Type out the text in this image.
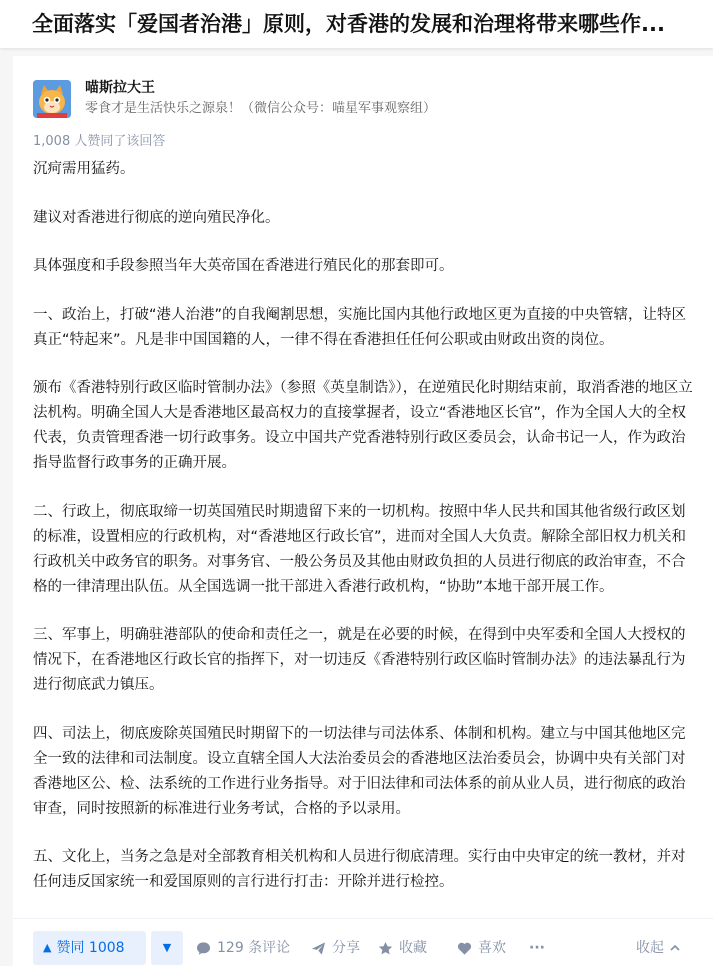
全面落实「爱国者治港」原则，对香港的发展和治理将带来哪些作...
喵斯拉大王
零食才是生活快乐之源泉！（微信公众号：喵星军事观察组）
1,008 人赞同了该回答

沉疴需用猛药。

建议对香港进行彻底的逆向殖民净化。

具体强度和手段参照当年大英帝国在香港进行殖民化的那套即可。

一、政治上，打破“港人治港”的自我阉割思想，实施比国内其他行政地区更为直接的中央管辖，让特区真正“特起来”。凡是非中国国籍的人，一律不得在香港担任任何公职或由财政出资的岗位。

颁布《香港特别行政区临时管制办法》（参照《英皇制诰》），在逆殖民化时期结束前，取消香港的地区立法机构。明确全国人大是香港地区最高权力的直接掌握者，设立“香港地区长官”，作为全国人大的全权代表，负责管理香港一切行政事务。设立中国共产党香港特别行政区委员会，认命书记一人，作为政治指导监督行政事务的正确开展。

二、行政上，彻底取缔一切英国殖民时期遗留下来的一切机构。按照中华人民共和国其他省级行政区划的标准，设置相应的行政机构，对“香港地区行政长官”，进而对全国人大负责。解除全部旧权力机关和行政机关中政务官的职务。对事务官、一般公务员及其他由财政负担的人员进行彻底的政治审查，不合格的一律清理出队伍。从全国选调一批干部进入香港行政机构，“协助”本地干部开展工作。

三、军事上，明确驻港部队的使命和责任之一，就是在必要的时候，在得到中央军委和全国人大授权的情况下，在香港地区行政长官的指挥下，对一切违反《香港特别行政区临时管制办法》的违法暴乱行为进行彻底武力镇压。

四、司法上，彻底废除英国殖民时期留下的一切法律与司法体系、体制和机构。建立与中国其他地区完全一致的法律和司法制度。设立直辖全国人大法治委员会的香港地区法治委员会，协调中央有关部门对香港地区公、检、法系统的工作进行业务指导。对于旧法律和司法体系的前从业人员，进行彻底的政治审查，同时按照新的标准进行业务考试，合格的予以录用。

五、文化上，当务之急是对全部教育相关机构和人员进行彻底清理。实行由中央审定的统一教材，并对任何违反国家统一和爱国原则的言行进行打击：开除并进行检控。

▲ 赞同 1008	▼	129 条评论	分享	收藏	喜欢 ···	收起
